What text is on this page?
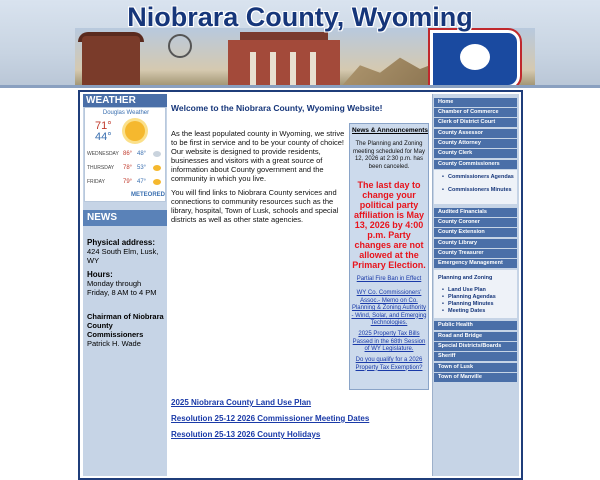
Niobrara County, Wyoming
WEATHER
Douglas Weather
71°
44°
WEDNESDAY 86° 48°
THURSDAY 78° 53°
FRIDAY	79° 47°
METEORED
NEWS
Physical address:
424 South Elm, Lusk, WY
Hours:
Monday through Friday, 8 AM to 4 PM
Chairman of Niobrara County Commissioners
Patrick H. Wade
Welcome to the Niobrara County, Wyoming Website!
As the least populated county in Wyoming, we strive to be first in service and to be your county of choice! Our website is designed to provide residents, businesses and visitors with a great source of information about County government and the community in which you live.
You will find links to Niobrara County services and connections to community resources such as the library, hospital, Town of Lusk, schools and special districts as well as other state agencies.
News & Announcements
The Planning and Zoning meeting scheduled for May 12, 2026 at 2:30 p.m. has been canceled.
The last day to change your political party affiliation is May 13, 2026 by 4:00 p.m. Party changes are not allowed at the Primary Election.
Partial Fire Ban in Effect
WY Co. Commissioners' Assoc.- Memo on Co. Planning & Zoning Authority - Wind, Solar, and Emerging Technologies.
2025 Property Tax Bills Passed in the 68th Session of WY Legislature.
Do you qualify for a 2026 Property Tax Exemption?
2025 Niobrara County Land Use Plan
Resolution 25-12 2026 Commissioner Meeting Dates
Resolution 25-13 2026 County Holidays
Home
Chamber of Commerce
Clerk of District Court
County Assessor
County Attorney
County Clerk
County Commissioners
• Commissioners Agendas
• Commissioners Minutes
Audited Financials
County Coroner
County Extension
County Library
County Treasurer
Emergency Management
Planning and Zoning
• Land Use Plan
• Planning Agendas
• Planning Minutes
• Meeting Dates
Public Health
Road and Bridge
Special Districts/Boards
Sheriff
Town of Lusk
Town of Manville
